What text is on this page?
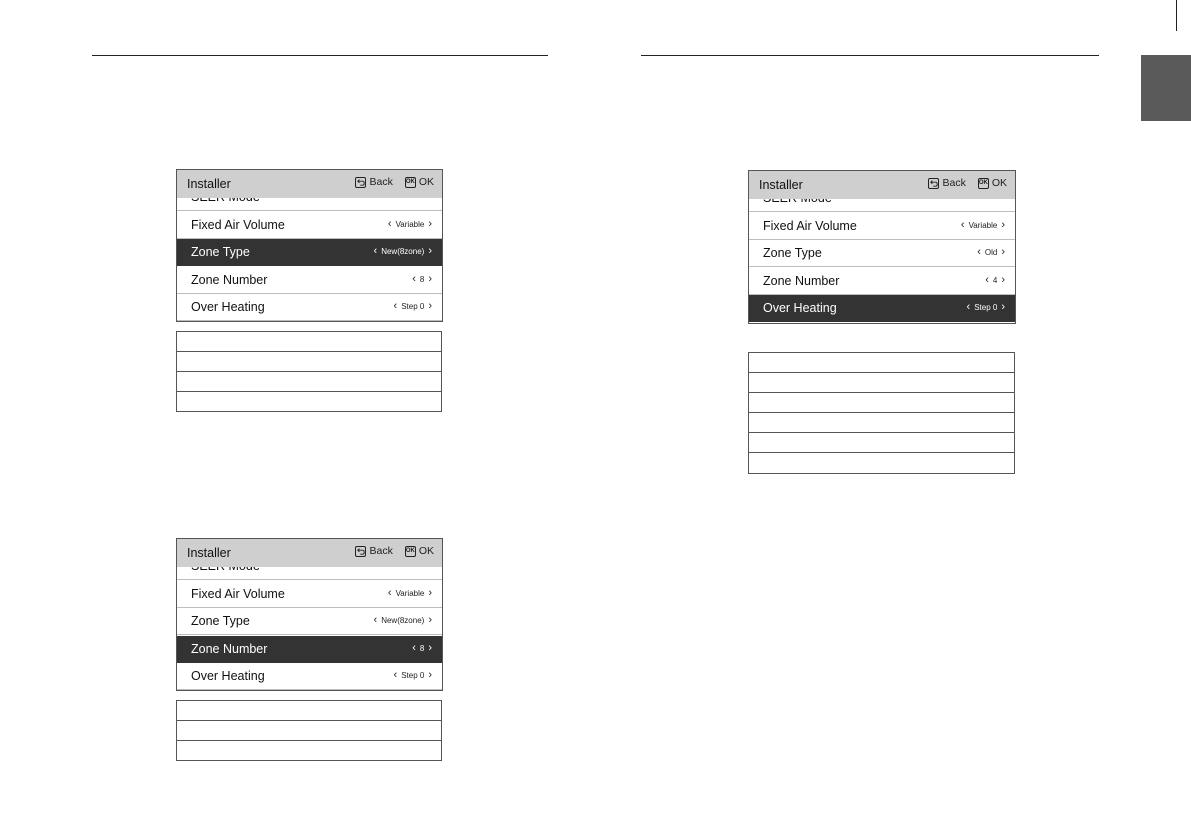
Installer	Back OK OK
Fixed Air Volume	‹ Variable ›
Zone Type	‹ New(8zone) ›
Zone Number	‹ 8 ›
Over Heating	‹ Step 0 ›
Installer	Back OK OK
Fixed Air Volume	‹ Variable ›
Zone Type	‹ New(8zone) ›
Zone Number	‹ 8 ›
Over Heating	‹ Step 0 ›
Installer	Back OK OK
Fixed Air Volume	‹ Variable ›
Zone Type	‹ Old ›
Zone Number	‹ 4 ›
Over Heating	‹ Step 0 ›
